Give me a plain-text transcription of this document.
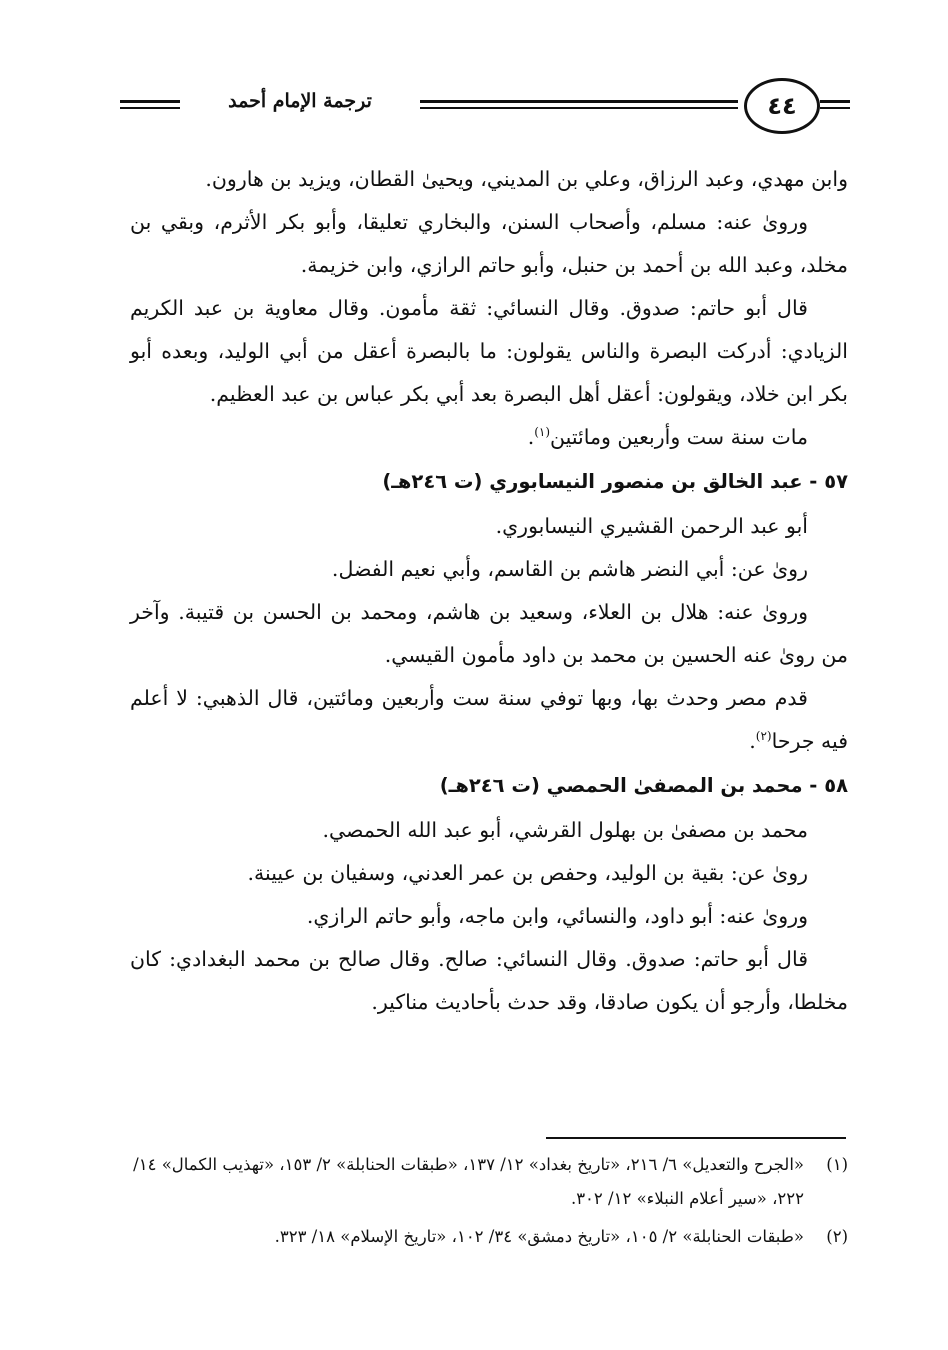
ترجمة الإمام أحمد	٤٤

وابن مهدي، وعبد الرزاق، وعلي بن المديني، ويحيىٰ القطان، ويزيد بن هارون.

ورویٰ عنه: مسلم، وأصحاب السنن، والبخاري تعليقا، وأبو بكر الأثرم، وبقي بن مخلد، وعبد الله بن أحمد بن حنبل، وأبو حاتم الرازي، وابن خزيمة.

قال أبو حاتم: صدوق. وقال النسائي: ثقة مأمون. وقال معاوية بن عبد الكريم الزيادي: أدركت البصرة والناس يقولون: ما بالبصرة أعقل من أبي الوليد، وبعده أبو بكر ابن خلاد، ويقولون: أعقل أهل البصرة بعد أبي بكر عباس بن عبد العظيم.

مات سنة ست وأربعين ومائتين$^{(١)}$.

٥٧ - عبد الخالق بن منصور النيسابوري (ت ٢٤٦هـ)

أبو عبد الرحمن القشيري النيسابوري.

رویٰ عن: أبي النضر هاشم بن القاسم، وأبي نعيم الفضل.

ورویٰ عنه: هلال بن العلاء، وسعيد بن هاشم، ومحمد بن الحسن بن قتيبة. وآخر من رویٰ عنه الحسين بن محمد بن داود مأمون القيسي.

قدم مصر وحدث بها، وبها توفي سنة ست وأربعين ومائتين، قال الذهبي: لا أعلم فيه جرحا$^{(٢)}$.

٥٨ - محمد بن المصفىٰ الحمصي (ت ٢٤٦هـ)

محمد بن مصفىٰ بن بهلول القرشي، أبو عبد الله الحمصي.

رویٰ عن: بقية بن الوليد، وحفص بن عمر العدني، وسفيان بن عيينة.

ورویٰ عنه: أبو داود، والنسائي، وابن ماجه، وأبو حاتم الرازي.

قال أبو حاتم: صدوق. وقال النسائي: صالح. وقال صالح بن محمد البغدادي: كان مخلطا، وأرجو أن يكون صادقا، وقد حدث بأحاديث مناكير.

(١)
«الجرح والتعديل» ٦/ ٢١٦، «تاريخ بغداد» ١٢/ ١٣٧، «طبقات الحنابلة» ٢/ ١٥٣، «تهذيب الكمال» ١٤/ ٢٢٢، «سير أعلام النبلاء» ١٢/ ٣٠٢.
(٢)
«طبقات الحنابلة» ٢/ ١٠٥، «تاريخ دمشق» ٣٤/ ١٠٢، «تاريخ الإسلام» ١٨/ ٣٢٣.
